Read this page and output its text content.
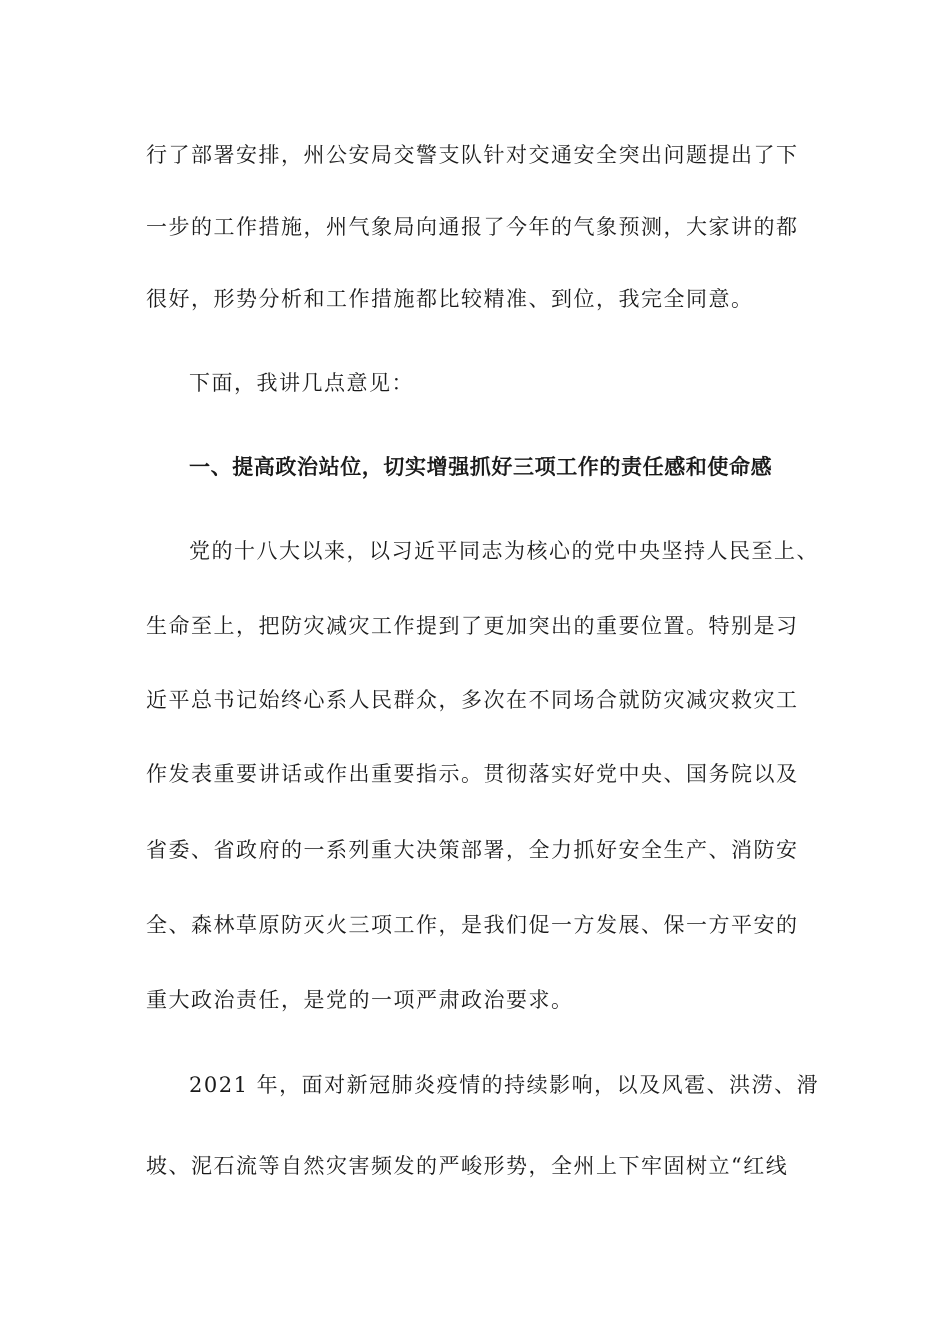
行了部署安排，州公安局交警支队针对交通安全突出问题提出了下
一步的工作措施，州气象局向通报了今年的气象预测，大家讲的都
很好，形势分析和工作措施都比较精准、到位，我完全同意。
下面，我讲几点意见：
一、提高政治站位，切实增强抓好三项工作的责任感和使命感
党的十八大以来，以习近平同志为核心的党中央坚持人民至上、
生命至上，把防灾减灾工作提到了更加突出的重要位置。特别是习
近平总书记始终心系人民群众，多次在不同场合就防灾减灾救灾工
作发表重要讲话或作出重要指示。贯彻落实好党中央、国务院以及
省委、省政府的一系列重大决策部署，全力抓好安全生产、消防安
全、森林草原防灭火三项工作，是我们促一方发展、保一方平安的
重大政治责任，是党的一项严肃政治要求。
2021 年，面对新冠肺炎疫情的持续影响，以及风雹、洪涝、滑
坡、泥石流等自然灾害频发的严峻形势，全州上下牢固树立“红线
